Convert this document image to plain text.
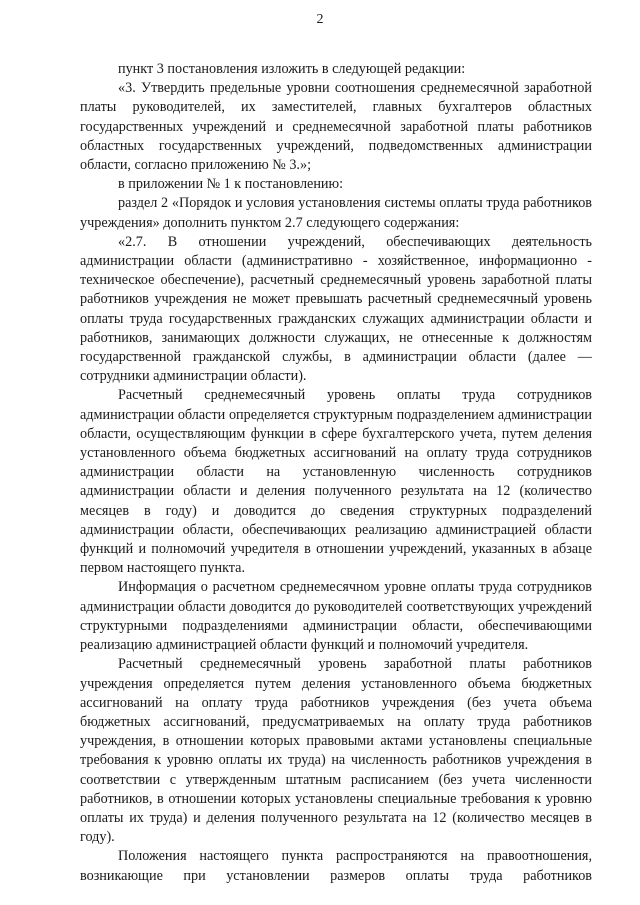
2

пункт 3 постановления изложить в следующей редакции:

«3. Утвердить предельные уровни соотношения среднемесячной заработной платы руководителей, их заместителей, главных бухгалтеров областных государственных учреждений и среднемесячной заработной платы работников областных государственных учреждений, подведомственных администрации области, согласно приложению № 3.»;

в приложении № 1 к постановлению:

раздел 2 «Порядок и условия установления системы оплаты труда работников учреждения» дополнить пунктом 2.7 следующего содержания:

«2.7. В отношении учреждений, обеспечивающих деятельность администрации области (административно - хозяйственное, информационно - техническое обеспечение), расчетный среднемесячный уровень заработной платы работников учреждения не может превышать расчетный среднемесячный уровень оплаты труда государственных гражданских служащих администрации области и работников, занимающих должности служащих, не отнесенные к должностям государственной гражданской службы, в администрации области (далее — сотрудники администрации области).

Расчетный среднемесячный уровень оплаты труда сотрудников администрации области определяется структурным подразделением администрации области, осуществляющим функции в сфере бухгалтерского учета, путем деления установленного объема бюджетных ассигнований на оплату труда сотрудников администрации области на установленную численность сотрудников администрации области и деления полученного результата на 12 (количество месяцев в году) и доводится до сведения структурных подразделений администрации области, обеспечивающих реализацию администрацией области функций и полномочий учредителя в отношении учреждений, указанных в абзаце первом настоящего пункта.

Информация о расчетном среднемесячном уровне оплаты труда сотрудников администрации области доводится до руководителей соответствующих учреждений структурными подразделениями администрации области, обеспечивающими реализацию администрацией области функций и полномочий учредителя.

Расчетный среднемесячный уровень заработной платы работников учреждения определяется путем деления установленного объема бюджетных ассигнований на оплату труда работников учреждения (без учета объема бюджетных ассигнований, предусматриваемых на оплату труда работников учреждения, в отношении которых правовыми актами установлены специальные требования к уровню оплаты их труда) на численность работников учреждения в соответствии с утвержденным штатным расписанием (без учета численности работников, в отношении которых установлены специальные требования к уровню оплаты их труда) и деления полученного результата на 12 (количество месяцев в году).

Положения настоящего пункта распространяются на правоотношения, возникающие при установлении размеров оплаты труда работников
